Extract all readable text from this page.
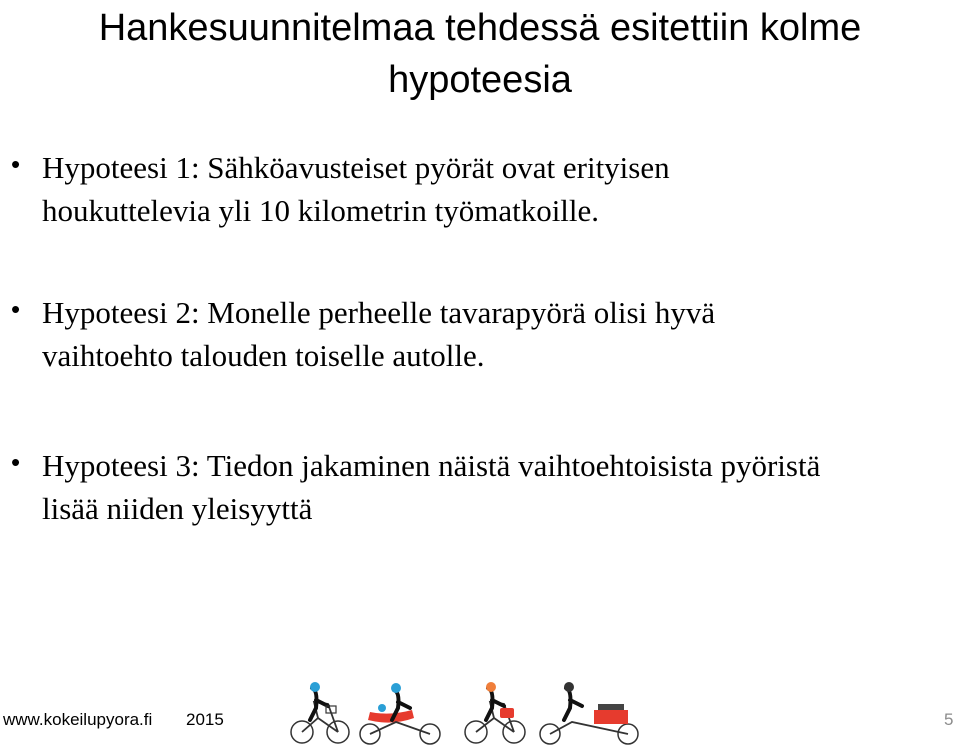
Hankesuunnitelmaa tehdessä esitettiin kolme
hypoteesia
• Hypoteesi 1: Sähköavusteiset pyörät ovat erityisen
houkuttelevia yli 10 kilometrin työmatkoille.
• Hypoteesi 2: Monelle perheelle tavarapyörä olisi hyvä
vaihtoehto talouden toiselle autolle.
• Hypoteesi 3: Tiedon jakaminen näistä vaihtoehtoisista pyöristä
lisää niiden yleisyyttä
www.kokeilupyora.fi 2015	5
